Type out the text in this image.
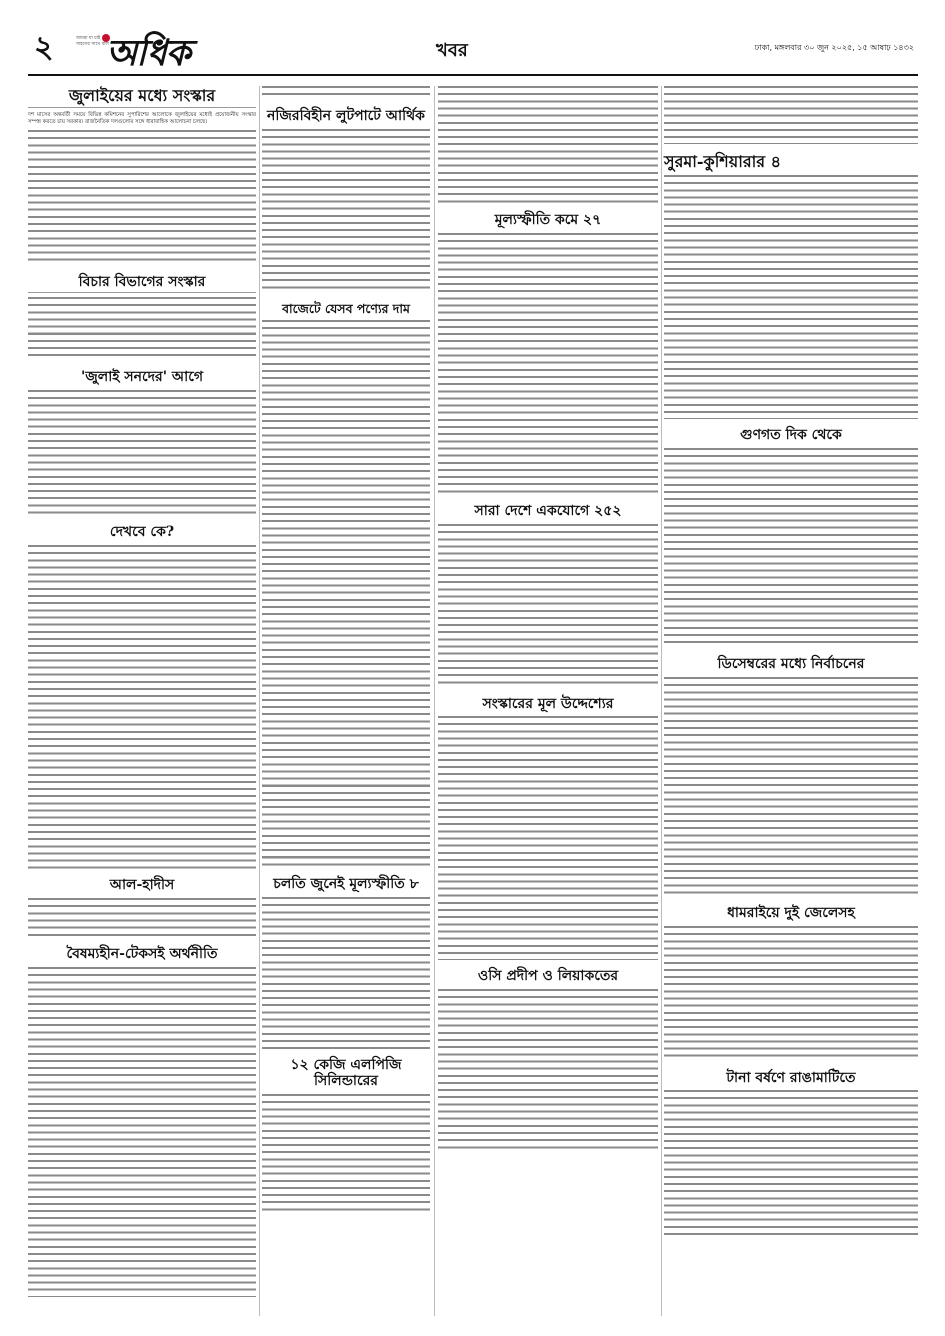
২	আমরা যা চাই সাহসের সাথে বলি
অধিক	খবর	ঢাকা, মঙ্গলবার ৩০ জুন ২০২৫, ১৫ আষাঢ় ১৪৩২
জুলাইয়ের মধ্যে সংস্কার
দশ মাসের অন্তর্বর্তী সময়ে বিভিন্ন কমিশনের সুপারিশের আলোকে জুলাইয়ের মধ্যেই প্রয়োজনীয় সংস্কার সম্পন্ন করতে চায় সরকার। রাজনৈতিক দলগুলোর সঙ্গে ধারাবাহিক আলোচনা চলছে।
বিচার বিভাগের সংস্কার
'জুলাই সনদের' আগে
দেখবে কে?
আল-হাদীস
বৈষম্যহীন-টেকসই অর্থনীতি
নজিরবিহীন লুটপাটে আর্থিক
বাজেটে যেসব পণ্যের দাম
চলতি জুনেই মূল্যস্ফীতি ৮
১২ কেজি এলপিজি সিলিন্ডারের
মূল্যস্ফীতি কমে ২৭
সারা দেশে একযোগে ২৫২
সংস্কারের মূল উদ্দেশ্যের
ওসি প্রদীপ ও লিয়াকতের
সুরমা-কুশিয়ারার ৪
গুণগত দিক থেকে
ডিসেম্বরের মধ্যে নির্বাচনের
ধামরাইয়ে দুই জেলেসহ
টানা বর্ষণে রাঙামাটিতে
